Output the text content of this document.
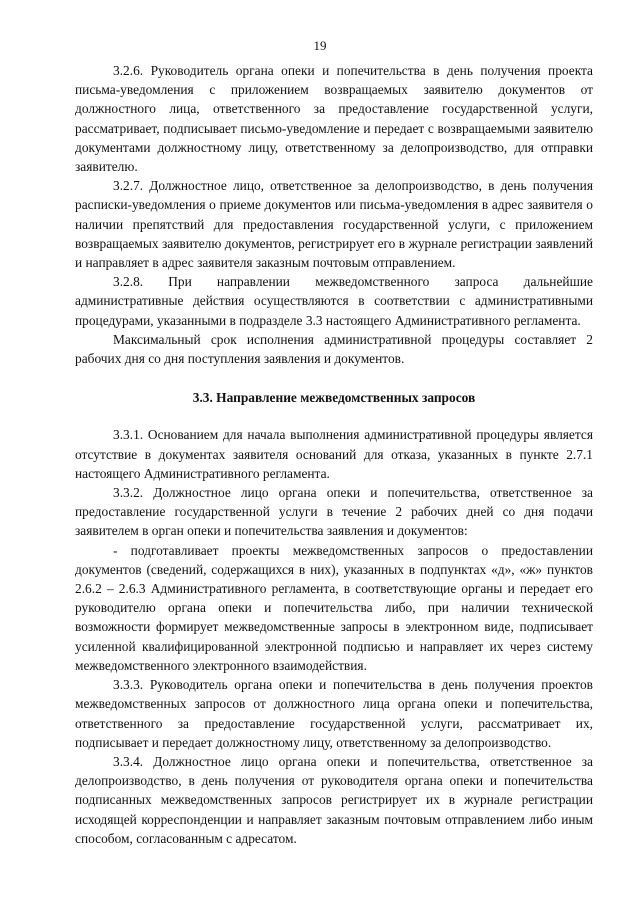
19

3.2.6. Руководитель органа опеки и попечительства в день получения проекта письма-уведомления с приложением возвращаемых заявителю документов от должностного лица, ответственного за предоставление государственной услуги, рассматривает, подписывает письмо-уведомление и передает с возвращаемыми заявителю документами должностному лицу, ответственному за делопроизводство, для отправки заявителю.

3.2.7. Должностное лицо, ответственное за делопроизводство, в день получения расписки-уведомления о приеме документов или письма-уведомления в адрес заявителя о наличии препятствий для предоставления государственной услуги, с приложением возвращаемых заявителю документов, регистрирует его в журнале регистрации заявлений и направляет в адрес заявителя заказным почтовым отправлением.

3.2.8. При направлении межведомственного запроса дальнейшие административные действия осуществляются в соответствии с административными процедурами, указанными в подразделе 3.3 настоящего Административного регламента.

Максимальный срок исполнения административной процедуры составляет 2 рабочих дня со дня поступления заявления и документов.

3.3. Направление межведомственных запросов

3.3.1. Основанием для начала выполнения административной процедуры является отсутствие в документах заявителя оснований для отказа, указанных в пункте 2.7.1 настоящего Административного регламента.

3.3.2. Должностное лицо органа опеки и попечительства, ответственное за предоставление государственной услуги в течение 2 рабочих дней со дня подачи заявителем в орган опеки и попечительства заявления и документов:

- подготавливает проекты межведомственных запросов о предоставлении документов (сведений, содержащихся в них), указанных в подпунктах «д», «ж» пунктов 2.6.2 – 2.6.3 Административного регламента, в соответствующие органы и передает его руководителю органа опеки и попечительства либо, при наличии технической возможности формирует межведомственные запросы в электронном виде, подписывает усиленной квалифицированной электронной подписью и направляет их через систему межведомственного электронного взаимодействия.

3.3.3. Руководитель органа опеки и попечительства в день получения проектов межведомственных запросов от должностного лица органа опеки и попечительства, ответственного за предоставление государственной услуги, рассматривает их, подписывает и передает должностному лицу, ответственному за делопроизводство.

3.3.4. Должностное лицо органа опеки и попечительства, ответственное за делопроизводство, в день получения от руководителя органа опеки и попечительства подписанных межведомственных запросов регистрирует их в журнале регистрации исходящей корреспонденции и направляет заказным почтовым отправлением либо иным способом, согласованным с адресатом.
